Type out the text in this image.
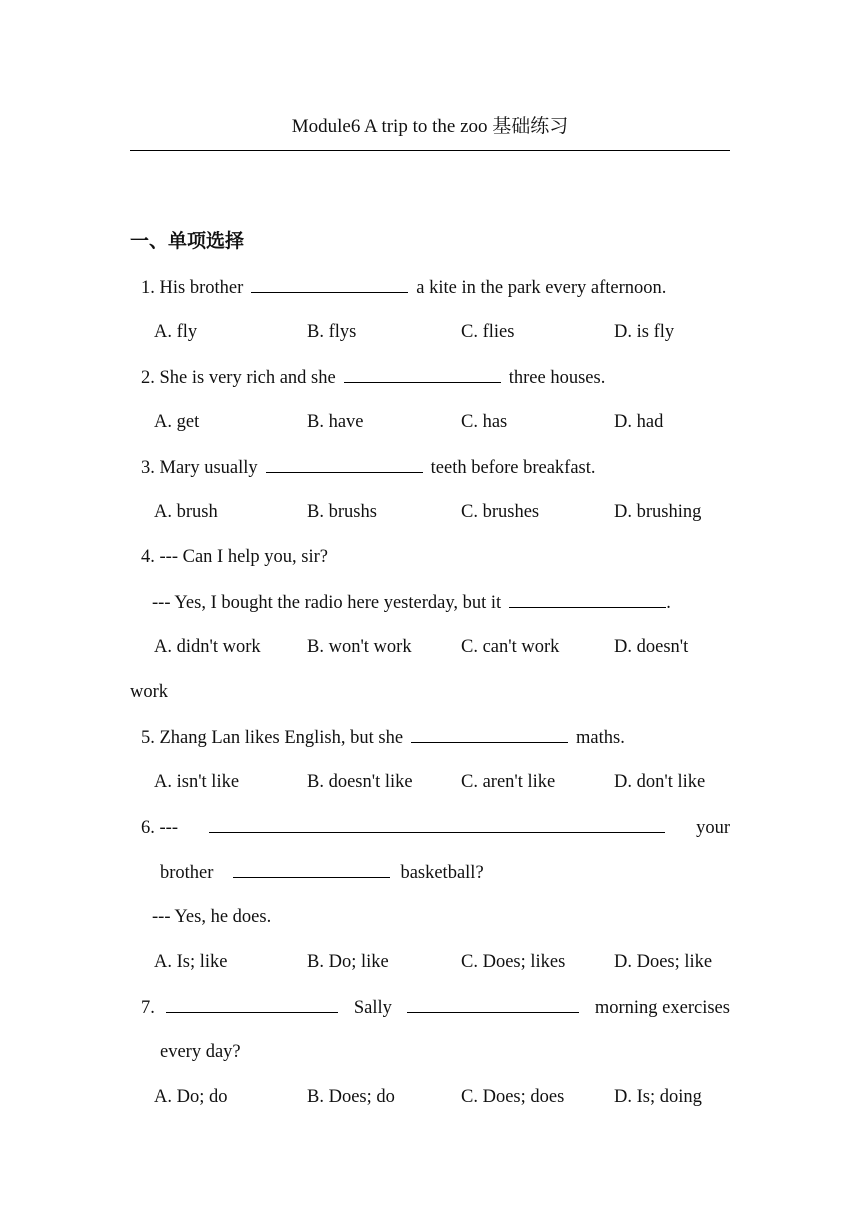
Module6 A trip to the zoo 基础练习
一、单项选择
1. His brother	a kite in the park every afternoon.
A. fly	B. flys	C. flies	D. is fly
2. She is very rich and she	three houses.
A. get	B. have	C. has	D. had
3. Mary usually	teeth before breakfast.
A. brush	B. brushs	C. brushes	D. brushing
4. --- Can I help you, sir?
--- Yes, I bought the radio here yesterday, but it	.
A. didn't work	B. won't work	C. can't work	D. doesn't
work
5. Zhang Lan likes English, but she	maths.
A. isn't like	B. doesn't like	C. aren't like	D. don't like
6. ---	your
brother	basketball?
--- Yes, he does.
A. Is; like	B. Do; like	C. Does; likes	D. Does; like
7.	Sally	morning exercises
every day?
A. Do; do	B. Does; do	C. Does; does	D. Is; doing
